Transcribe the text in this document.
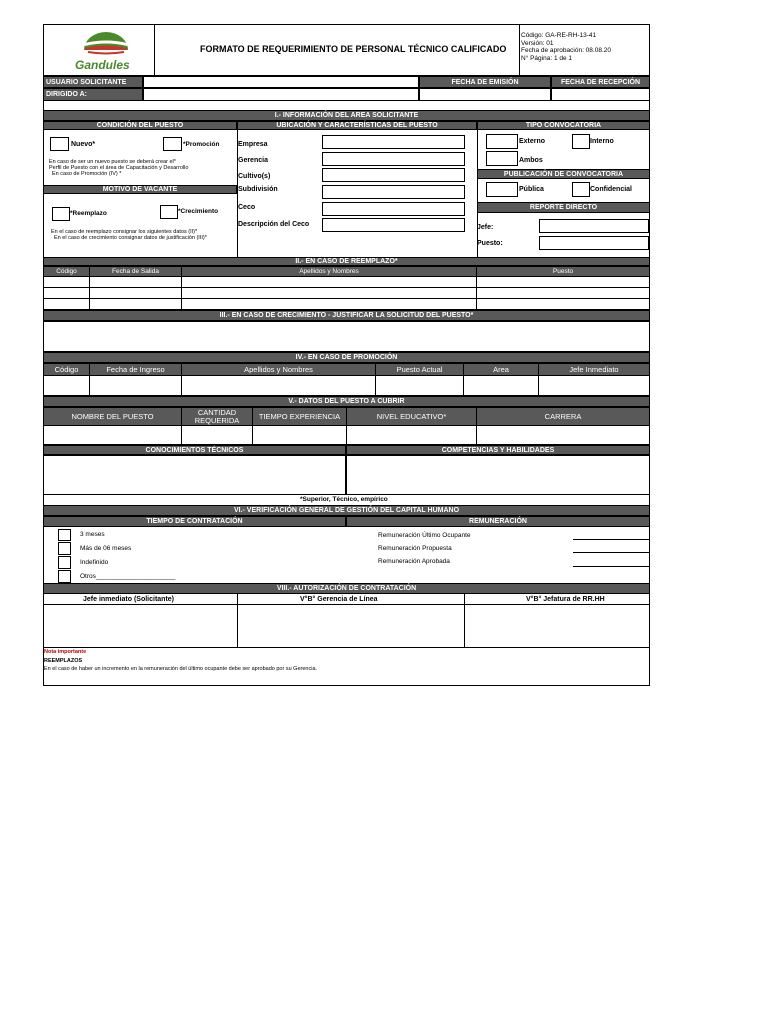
Gandules
FORMATO DE REQUERIMIENTO DE PERSONAL TÉCNICO CALIFICADO
Código: GA-RE-RH-13-41
Versión: 01
Fecha de aprobación: 08.08.20
N° Página: 1 de 1
USUARIO SOLICITANTE	FECHA DE EMISIÓN	FECHA DE RECEPCIÓN
DIRIGIDO A:
I.- INFORMACIÓN DEL AREA SOLICITANTE
CONDICIÓN DEL PUESTO
Nuevo*	*Promoción
En caso de ser un nuevo puesto se deberá crear el*
Perfil de Puesto con el área de Capacitación y Desarrollo
En caso de Promoción (IV) *
MOTIVO DE VACANTE
*Reemplazo	*Crecimiento
En el caso de reemplazo consignar los siguientes datos (II)*
En el caso de crecimiento consignar datos de justificación (III)*
UBICACIÓN Y CARACTERÍSTICAS DEL PUESTO
Empresa
Gerencia
Cultivo(s)
Subdivisión
Ceco
Descripción del Ceco
TIPO CONVOCATORIA
Externo	Interno
Ambos
PUBLICACIÓN DE CONVOCATORIA
Pública	Confidencial
REPORTE DIRECTO
Jefe:
Puesto:
II.- EN CASO DE REEMPLAZO*
Código	Fecha de Salida	Apellidos y Nombres	Puesto
III.- EN CASO DE CRECIMIENTO - JUSTIFICAR LA SOLICITUD DEL PUESTO*
IV.- EN CASO DE PROMOCIÓN
Código	Fecha de Ingreso	Apellidos y Nombres	Puesto Actual	Area	Jefe Inmediato
V.- DATOS DEL PUESTO A CUBRIR
NOMBRE DEL PUESTO	CANTIDAD
REQUERIDA	TIEMPO EXPERIENCIA	NIVEL EDUCATIVO*	CARRERA
CONOCIMIENTOS TÉCNICOS	COMPETENCIAS Y HABILIDADES
*Superior, Técnico, empírico
VI.- VERIFICACIÓN GENERAL DE GESTIÓN DEL CAPITAL HUMANO
TIEMPO DE CONTRATACIÓN	REMUNERACIÓN
3 meses
Más de 06 meses
Indefinido
Otros______________________
Remuneración Último Ocupante
Remuneración Propuesta
Remuneración Aprobada
VIII.- AUTORIZACIÓN DE CONTRATACIÓN
Jefe inmediato (Solicitante)	V°B° Gerencia de Línea	V°B° Jefatura de RR.HH
Nota importante
REEMPLAZOS
En el caso de haber un incremento en la remuneración del último ocupante debe ser aprobado por su Gerencia.
